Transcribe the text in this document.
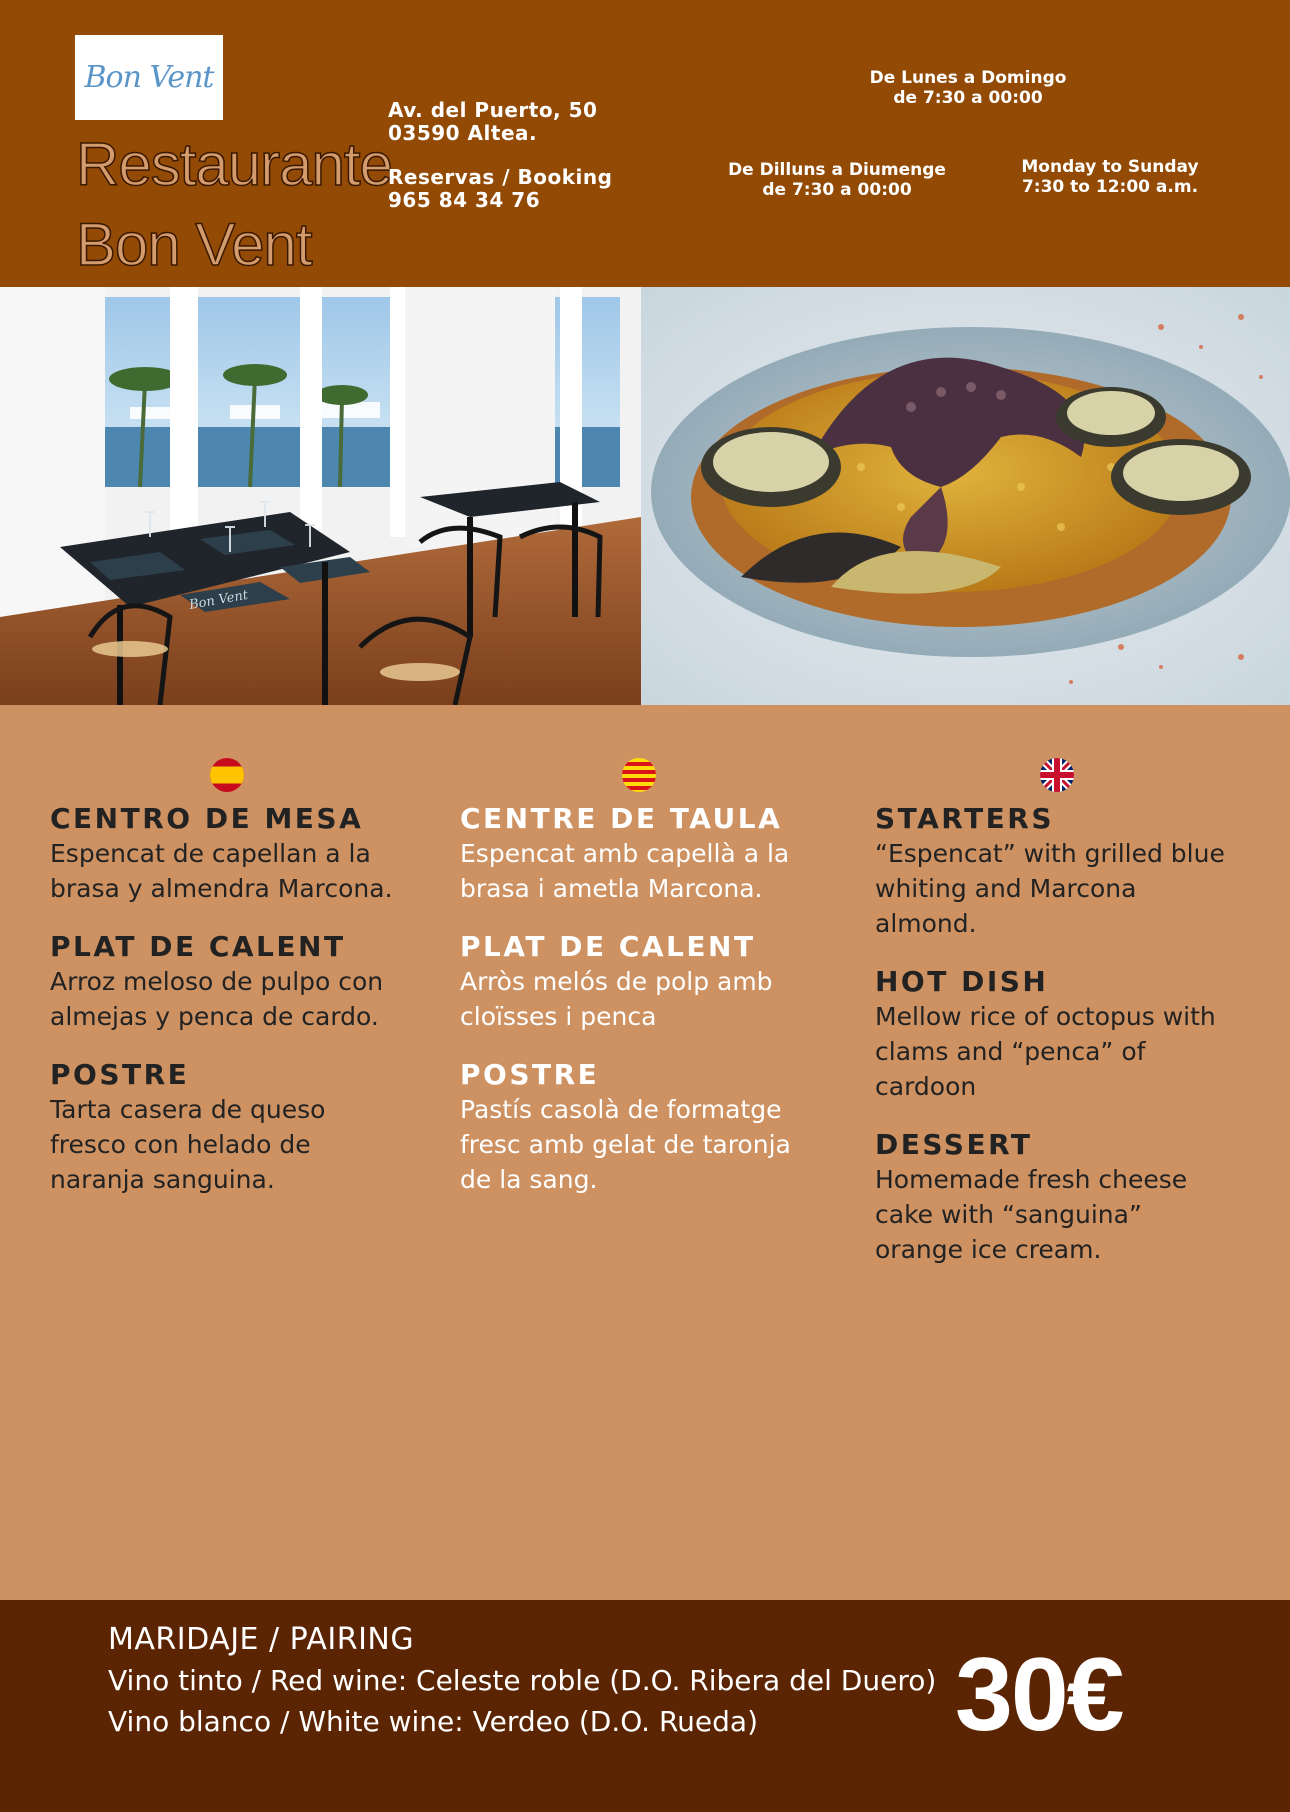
Bon Vent
Restaurante
Bon Vent
Av. del Puerto, 50
03590 Altea.
Reservas / Booking
965 84 34 76
De Lunes a Domingo
de 7:30 a 00:00
De Dilluns a Diumenge
de 7:30 a 00:00
Monday to Sunday
7:30 to 12:00 a.m.
Bon Vent
CENTRO DE MESA
Espencat de capellan a la
brasa y almendra Marcona.
PLAT DE CALENT
Arroz meloso de pulpo con
almejas y penca de cardo.
POSTRE
Tarta casera de queso
fresco con helado de
naranja sanguina.
CENTRE DE TAULA
Espencat amb capellà a la
brasa i ametla Marcona.
PLAT DE CALENT
Arròs melós de polp amb
cloïsses i penca
POSTRE
Pastís casolà de formatge
fresc amb gelat de taronja
de la sang.
STARTERS
“Espencat” with grilled blue
whiting and Marcona
almond.
HOT DISH
Mellow rice of octopus with
clams and “penca” of
cardoon
DESSERT
Homemade fresh cheese
cake with “sanguina”
orange ice cream.
MARIDAJE / PAIRING
Vino tinto / Red wine: Celeste roble (D.O. Ribera del Duero)
Vino blanco / White wine: Verdeo (D.O. Rueda) 30€
